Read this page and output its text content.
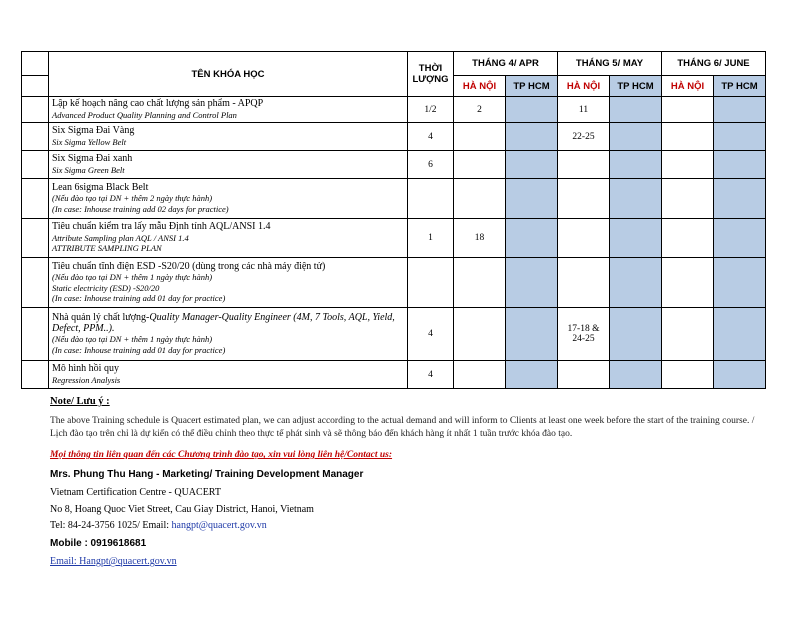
	TÊN KHÓA HỌC	THỜI
LƯỢNG	THÁNG 4/ APR		THÁNG 5/ MAY		THÁNG 6/ JUNE	
			HÀ NỘI	TP HCM	HÀ NỘI	TP HCM	HÀ NỘI	TP HCM

	Lập kế hoạch nâng cao chất lượng sản phẩm - APQP
Advanced Product Quality Planning and Control Plan	1/2	2		11			

	Six Sigma Đai Vàng
Six Sigma Yellow Belt	4			22-25			

	Six Sigma Đai xanh
Six Sigma Green Belt	6						

	Lean 6sigma Black Belt
(Nếu đào tạo tại DN + thêm 2 ngày thực hành)
(In case: Inhouse training add 02 days for practice)							

	Tiêu chuẩn kiểm tra lấy mẫu Định tính AQL/ANSI 1.4
Attribute Sampling plan AQL / ANSI 1.4
ATTRIBUTE SAMPLING PLAN	1	18					

	Tiêu chuẩn tĩnh điện ESD -S20/20 (dùng trong các nhà máy điện tử)
(Nếu đào tạo tại DN + thêm 1 ngày thực hành)
Static electricity (ESD) -S20/20
(In case: Inhouse training add 01 day for practice)							

	Nhà quản lý chất lượng-Quality Manager-Quality Engineer (4M, 7 Tools, AQL, Yield, Defect, PPM..).
(Nếu đào tạo tại DN + thêm 1 ngày thực hành)
(In case: Inhouse training add 01 day for practice)	4			17-18 & 24-25			

	Mô hình hồi quy
Regression Analysis	4						
Note/ Lưu ý :
The above Training schedule is Quacert estimated plan, we can adjust according to the actual demand and will inform to Clients at least one week before the start of the training course. / Lịch đào tạo trên chỉ là dự kiến có thể điều chỉnh theo thực tế phát sinh và sẽ thông báo đến khách hàng ít nhất 1 tuần trước khóa đào tạo.
Mọi thông tin liên quan đến các Chương trình đào tạo, xin vui lòng liên hệ/Contact us:
Mrs. Phung Thu Hang - Marketing/ Training Development Manager
Vietnam Certification Centre - QUACERT
No 8, Hoang Quoc Viet Street, Cau Giay District, Hanoi, Vietnam
Tel: 84-24-3756 1025/ Email: hangpt@quacert.gov.vn
Mobile : 0919618681
Email: Hangpt@quacert.gov.vn
